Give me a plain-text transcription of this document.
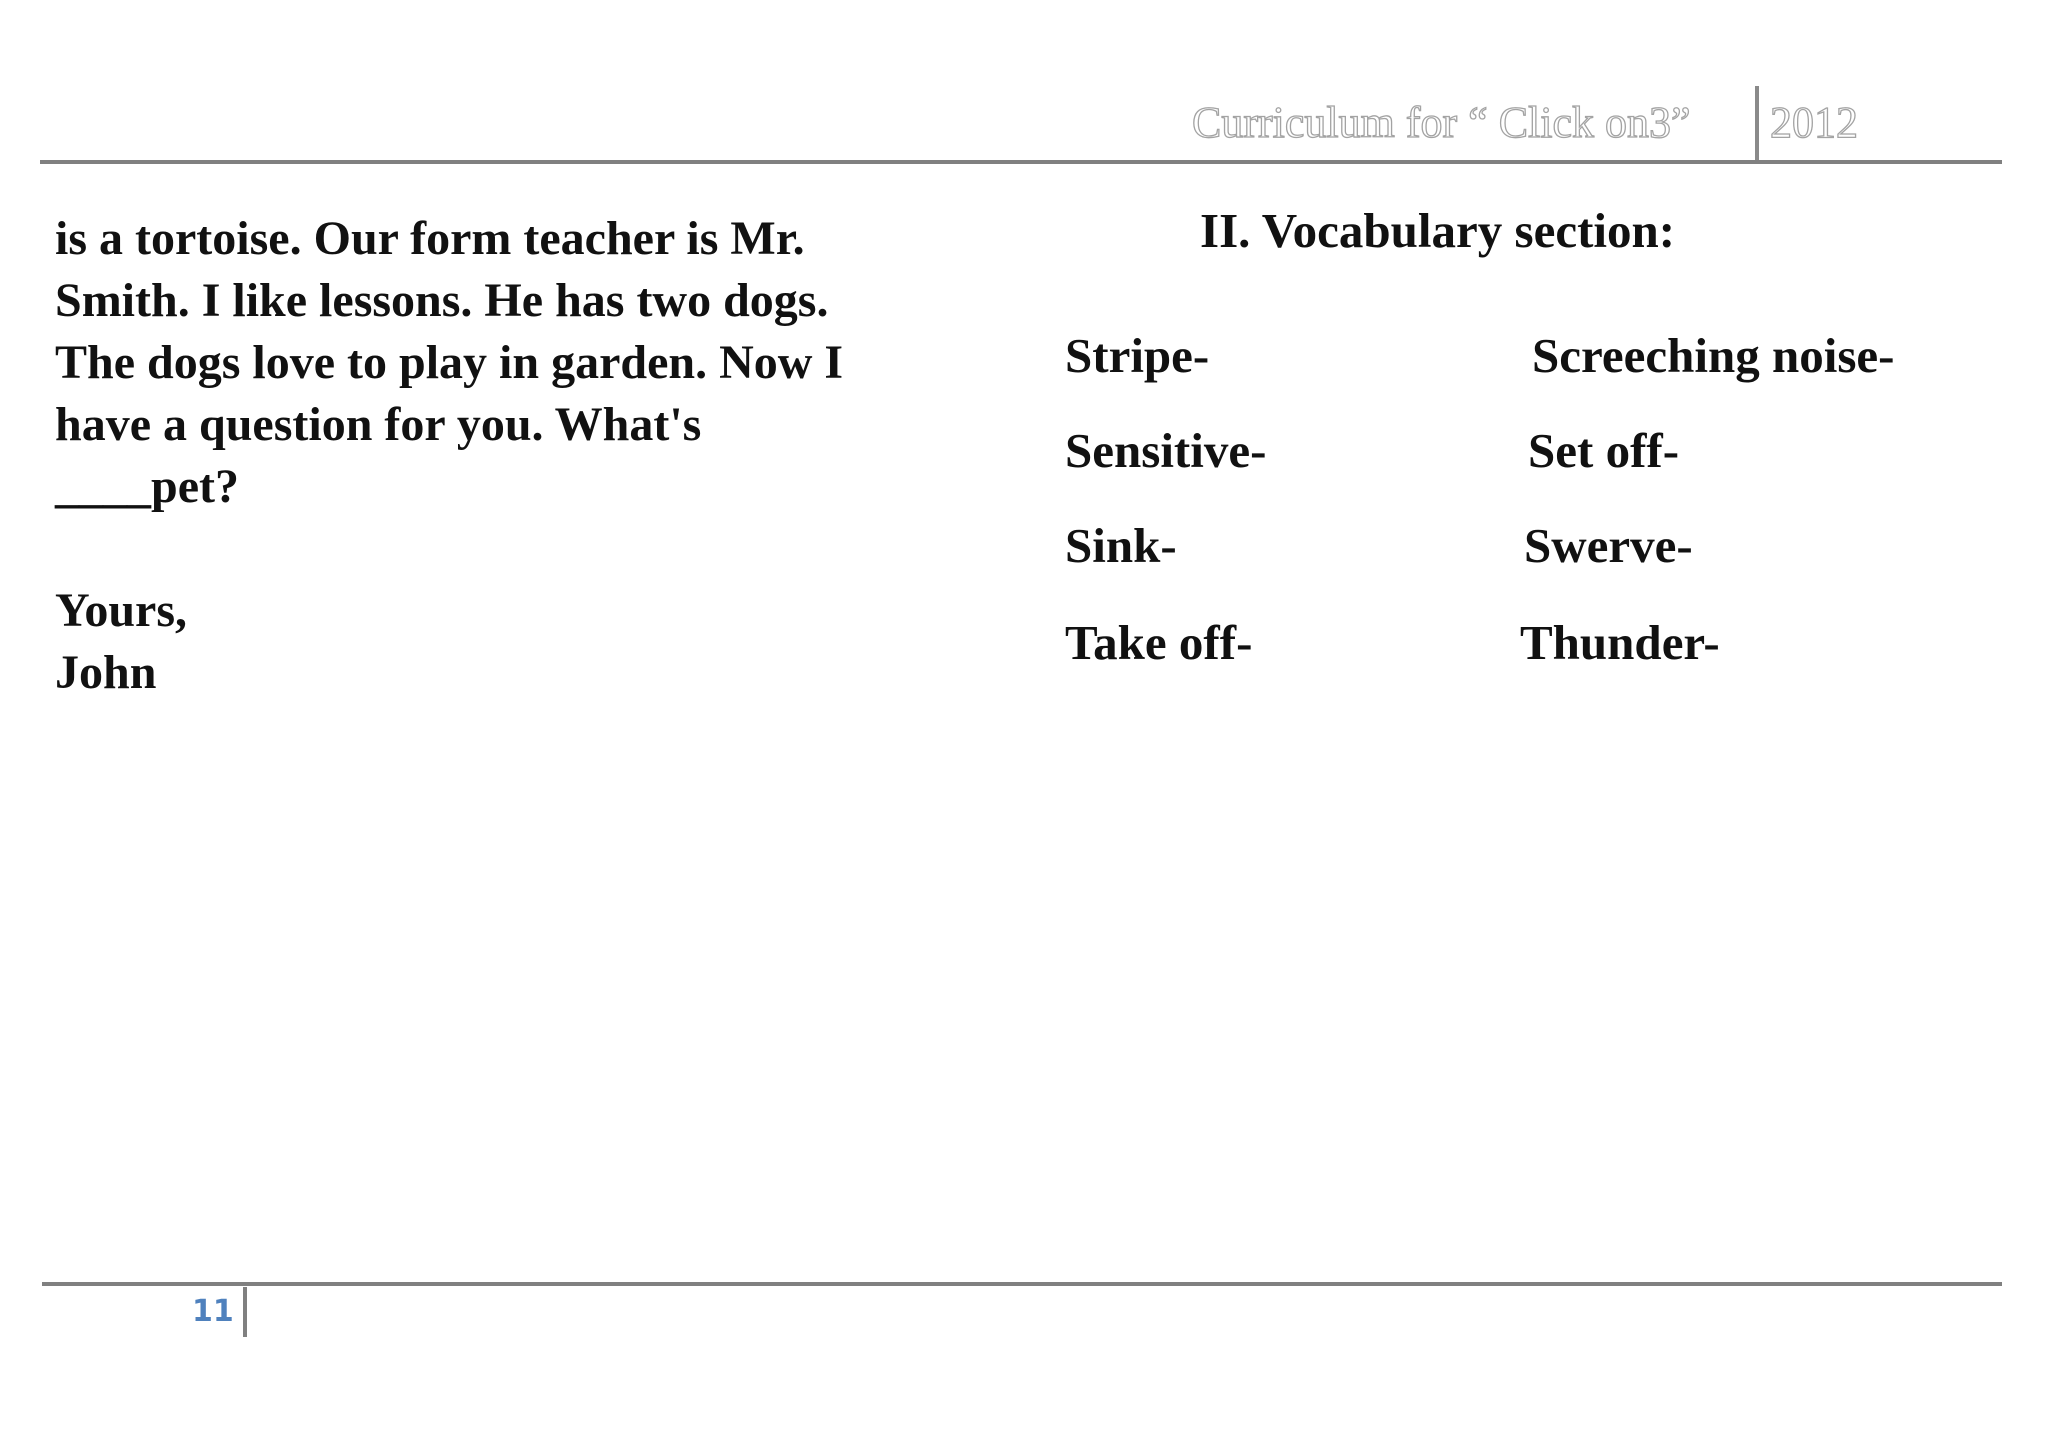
Curriculum for “ Click on3” 2012
is a tortoise. Our form teacher is Mr.
Smith. I like lessons. He has two dogs.
The dogs love to play in garden. Now I
have a question for you. What's
____pet?
Yours,
John
II. Vocabulary section:
Stripe-	Screeching noise-
Sensitive-	Set off-
Sink-	Swerve-
Take off-	Thunder-
11
